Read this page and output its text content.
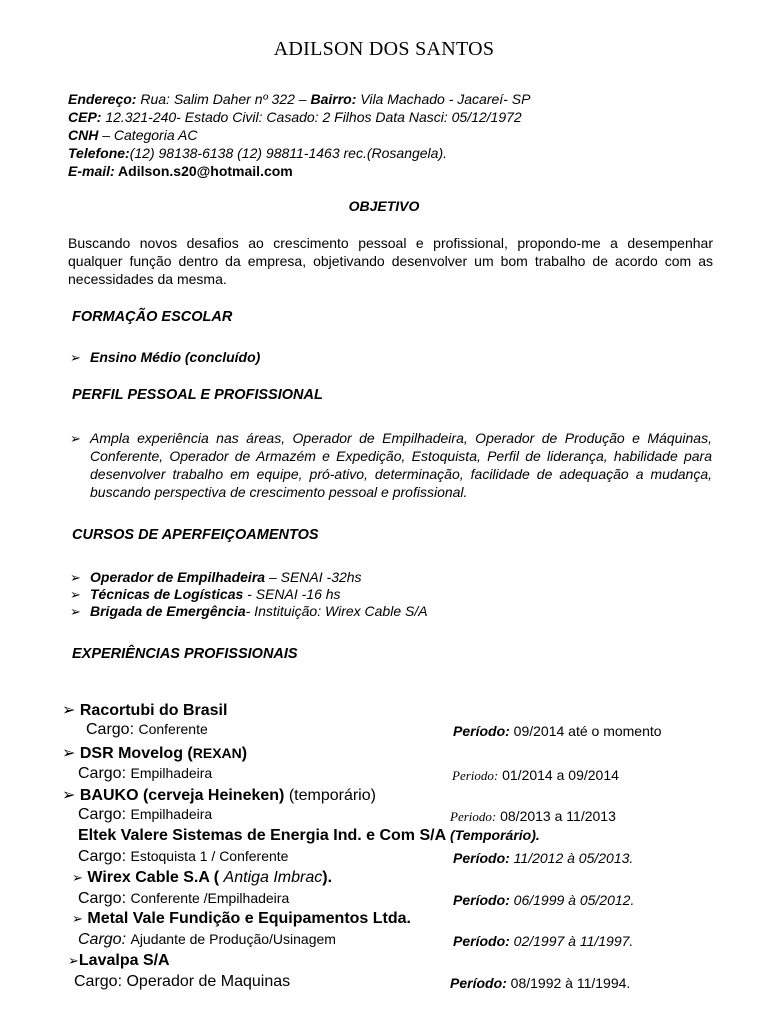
ADILSON DOS SANTOS
Endereço: Rua: Salim Daher nº 322 – Bairro: Vila Machado - Jacareí- SP
CEP: 12.321-240- Estado Civil: Casado: 2 Filhos Data Nasci: 05/12/1972
CNH – Categoria AC
Telefone:(12) 98138-6138 (12) 98811-1463 rec.(Rosangela).
E-mail: Adilson.s20@hotmail.com
OBJETIVO
Buscando novos desafios ao crescimento pessoal e profissional, propondo-me a desempenhar qualquer função dentro da empresa, objetivando desenvolver um bom trabalho de acordo com as necessidades da mesma.
FORMAÇÃO ESCOLAR
➢ Ensino Médio (concluído)
PERFIL PESSOAL E PROFISSIONAL
➢ Ampla experiência nas áreas, Operador de Empilhadeira, Operador de Produção e Máquinas, Conferente, Operador de Armazém e Expedição, Estoquista, Perfil de liderança, habilidade para desenvolver trabalho em equipe, pró-ativo, determinação, facilidade de adequação a mudança, buscando perspectiva de crescimento pessoal e profissional.
CURSOS DE APERFEIÇOAMENTOS
➢ Operador de Empilhadeira – SENAI -32hs
➢ Técnicas de Logísticas - SENAI -16 hs
➢ Brigada de Emergência- Instituição: Wirex Cable S/A
EXPERIÊNCIAS PROFISSIONAIS
➢ Racortubi do Brasil
Cargo: Conferente	Período: 09/2014 até o momento
➢ DSR Movelog (REXAN)
Cargo: Empilhadeira	Periodo: 01/2014 a 09/2014
➢ BAUKO (cerveja Heineken) (temporário)
Cargo: Empilhadeira	Periodo: 08/2013 a 11/2013
Eltek Valere Sistemas de Energia Ind. e Com S/A (Temporário).
Cargo: Estoquista 1 / Conferente	Período: 11/2012 à 05/2013.
➢ Wirex Cable S.A ( Antiga Imbrac).
Cargo: Conferente /Empilhadeira	Período: 06/1999 à 05/2012.
➢ Metal Vale Fundição e Equipamentos Ltda.
Cargo: Ajudante de Produção/Usinagem	Período: 02/1997 à 11/1997.
➢Lavalpa S/A
Cargo: Operador de Maquinas	Período: 08/1992 à 11/1994.
